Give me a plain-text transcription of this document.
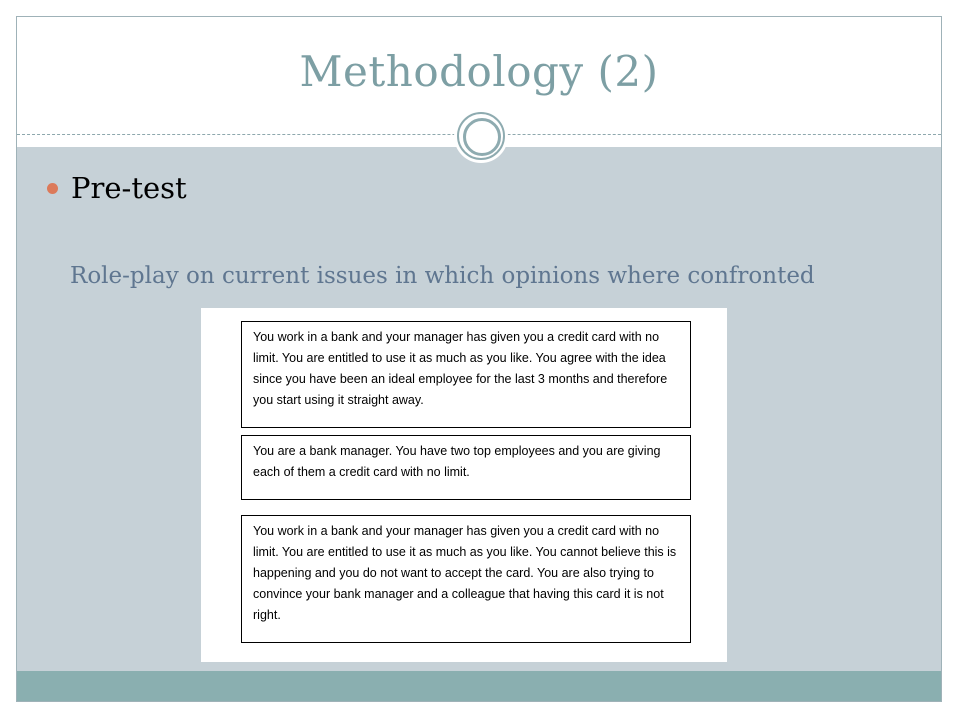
Methodology (2)
Pre-test
Role-play on current issues in which opinions where confronted
You work in a bank and your manager has given you a credit card with no limit. You are entitled to use it as much as you like. You agree with the idea since you have been an ideal employee for the last 3 months and therefore you start using it straight away.
You are a bank manager. You have two top employees and you are giving each of them a credit card with no limit.
You work in a bank and your manager has given you a credit card with no limit. You are entitled to use it as much as you like. You cannot believe this is happening and you do not want to accept the card. You are also trying to convince your bank manager and a colleague that having this card it is not right.
